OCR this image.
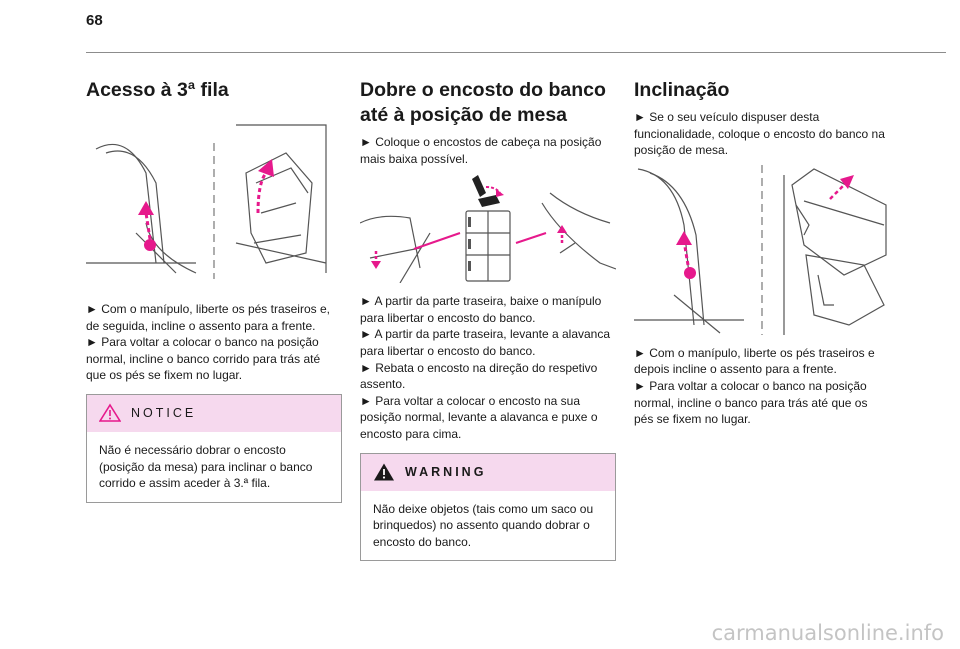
68
Acesso à 3ª fila

► Com o manípulo, liberte os pés traseiros e, de seguida, incline o assento para a frente.

► Para voltar a colocar o banco na posição normal, incline o banco corrido para trás até que os pés se fixem no lugar.

NOTICE
Não é necessário dobrar o encosto (posição da mesa) para inclinar o banco corrido e assim aceder à 3.ª fila.
Dobre o encosto do banco
até à posição de mesa

► Coloque o encostos de cabeça na posição mais baixa possível.

► A partir da parte traseira, baixe o manípulo para libertar o encosto do banco.

► A partir da parte traseira, levante a alavanca para libertar o encosto do banco.

► Rebata o encosto na direção do respetivo assento.

► Para voltar a colocar o encosto na sua posição normal, levante a alavanca e puxe o encosto para cima.

WARNING
Não deixe objetos (tais como um saco ou brinquedos) no assento quando dobrar o encosto do banco.
Inclinação

► Se o seu veículo dispuser desta funcionalidade, coloque o encosto do banco na posição de mesa.

► Com o manípulo, liberte os pés traseiros e depois incline o assento para a frente.

► Para voltar a colocar o banco na posição normal, incline o banco para trás até que os pés se fixem no lugar.

carmanualsonline.info
